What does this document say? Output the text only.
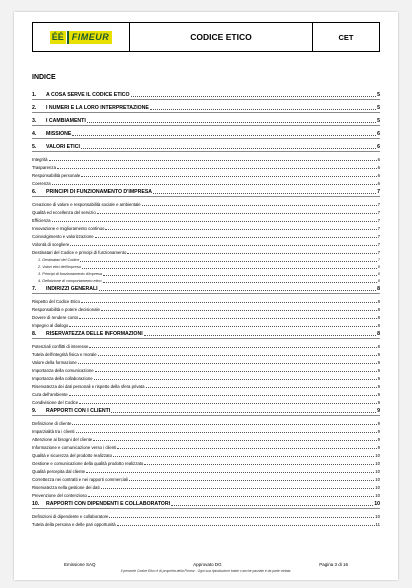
ÉÉ FIMEUR	CODICE ETICO	CET
INDICE
1. A COSA SERVE IL CODICE ETICO	5
2. I NUMERI E LA LORO INTERPRETAZIONE	5
3. I CAMBIAMENTI	5
4. MISSIONE	6
5. VALORI ETICI	6
Integrità	6
Trasparenza	6
Responsabilità personale	6
Coerenza	6
6. PRINCIPI DI FUNZIONAMENTO D'IMPRESA	7
Creazione di valore e responsabilità sociale e ambientale	7
Qualità ed eccellenza del servizio	7
Efficienza	7
Innovazione e miglioramento continuo	7
Coinvolgimento e valorizzazione	7
Volontà di scegliere	7
Destinatari del Codice e principi di funzionamento	7
1. Destinatari del Codice	7
2. Valori etici dell'impresa	8
3. Principi di funzionamento d'impresa	8
4. Definizione di comportamento etico	8
7. INDIRIZZI GENERALI	8
Rispetto del Codice Etico	8
Responsabilità e potere decisionale	8
Dovere di rendere conto	8
Impegno al dialogo	8
8. RISERVATEZZA DELLE INFORMAZIONI	8
Potenziali conflitti di interesse	8
Tutela dell'integrità fisica e morale	9
Valore della formazione	9
Importanza della comunicazione	9
Importanza della collaborazione	9
Riservatezza dei dati personali e rispetto della sfera privata	9
Cura dell'ambiente	9
Condivisione del Codice	9
9. RAPPORTI CON I CLIENTI	9
Definizione di cliente	9
Imparzialità tra i clienti	9
Attenzione ai bisogni del cliente	9
Informazione e comunicazione verso i clienti	9
Qualità e sicurezza del prodotto realizzato	10
Gestione e comunicazione della qualità prodotto realizzato	10
Qualità percepita dal cliente	10
Correttezza nei contratti e nei rapporti commerciali	10
Riservatezza nella gestione dei dati	10
Prevenzione del contenzioso	10
10. RAPPORTI CON DIPENDENTI E COLLABORATORI	10
Definizioni di dipendente e collaboratore	10
Tutela della persona e delle pari opportunità	11
Emissione SAQ	Approvato DG	Pagina 3 di 16
Il presente Codice Etico è di proprietà della Fimeur - Ogni sua riproduzione totale o anche parziale è da parte vietata.
